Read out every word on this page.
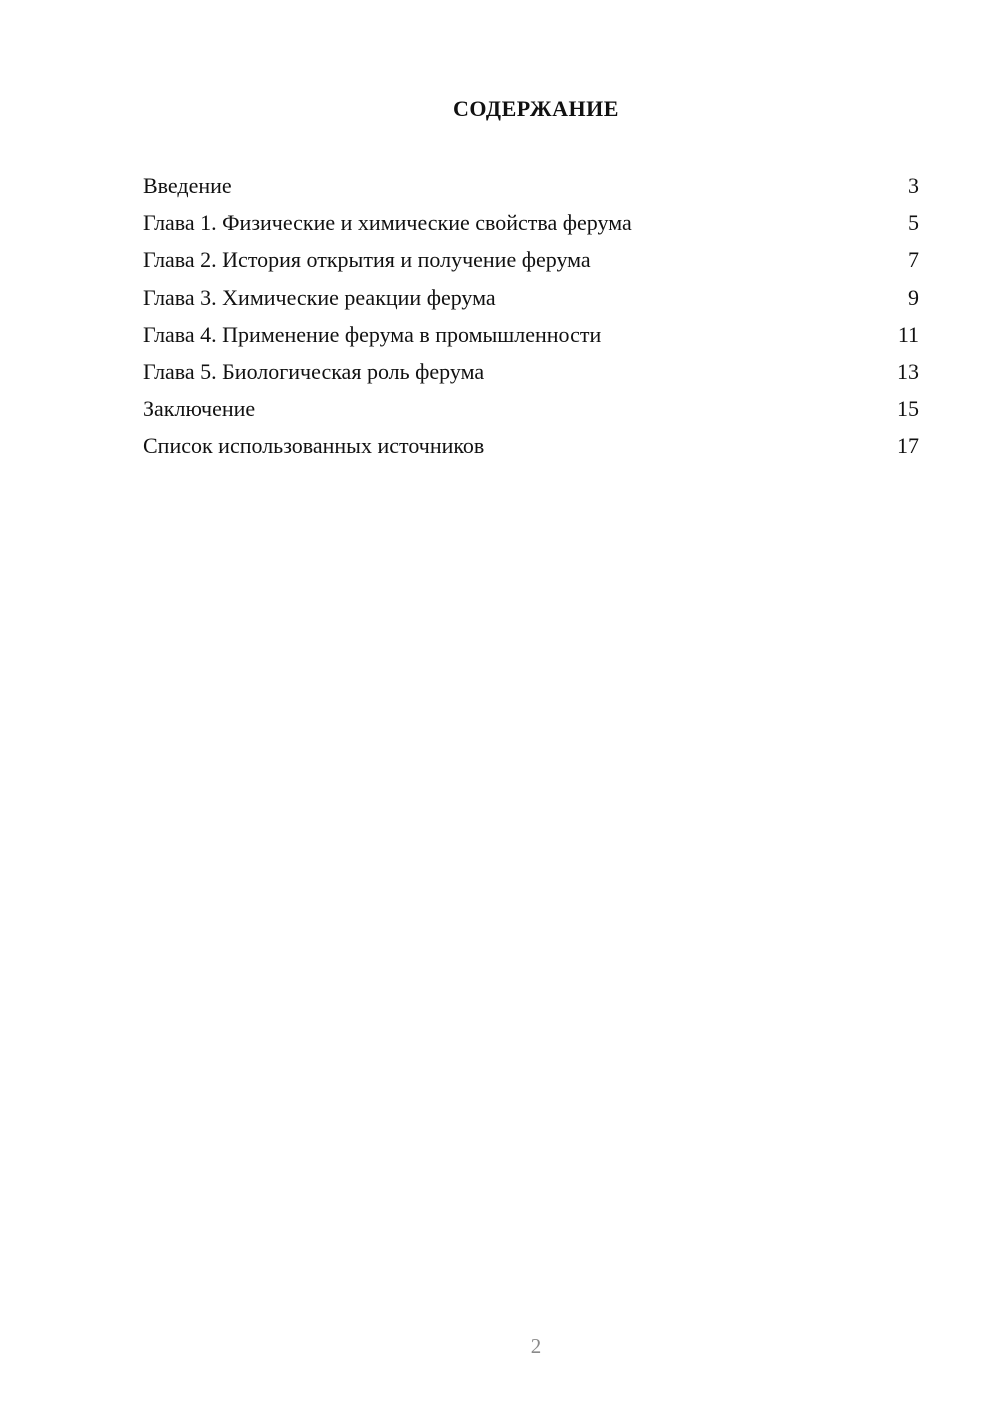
СОДЕРЖАНИЕ
Введение	3
Глава 1. Физические и химические свойства ферума	5
Глава 2. История открытия и получение ферума	7
Глава 3. Химические реакции ферума	9
Глава 4. Применение ферума в промышленности	11
Глава 5. Биологическая роль ферума	13
Заключение	15
Список использованных источников	17
2
